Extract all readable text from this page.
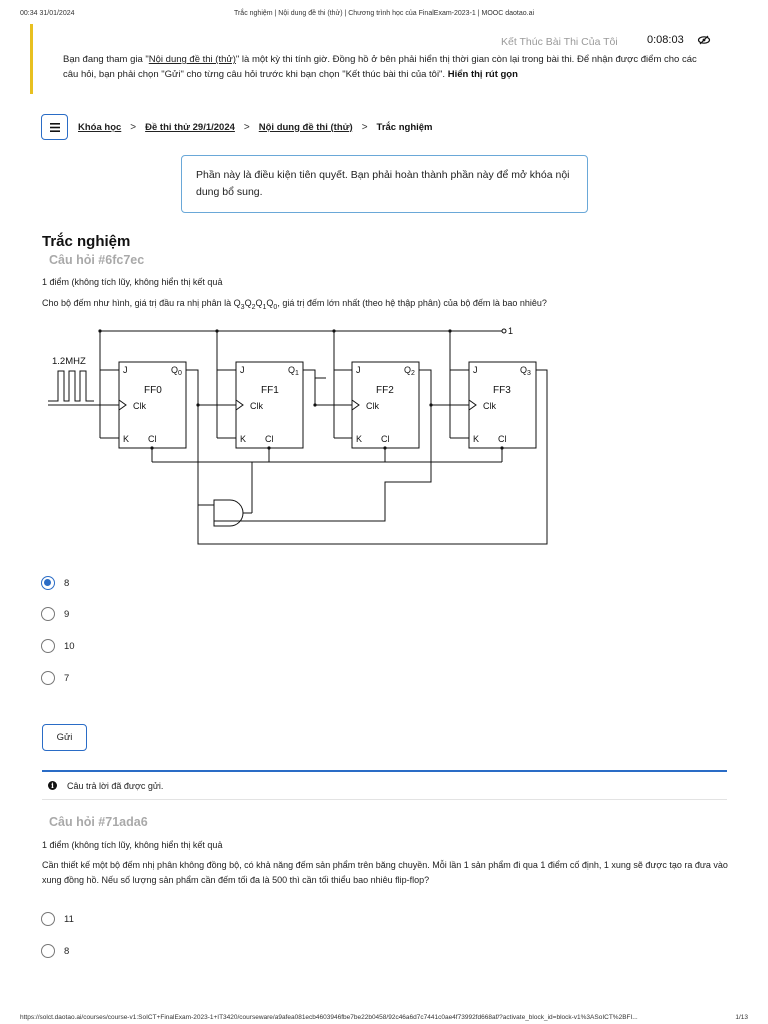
00:34 31/01/2024	Trắc nghiệm | Nội dung đề thi (thử) | Chương trình học của FinalExam-2023-1 | MOOC daotao.ai
Kết Thúc Bài Thi Của Tôi	0:08:03
Bạn đang tham gia "Nội dung đề thi (thử)" là một kỳ thi tính giờ. Đồng hồ ở bên phải hiển thị thời gian còn lại trong bài thi. Để nhận được điểm cho các câu hỏi, bạn phải chọn "Gửi" cho từng câu hỏi trước khi bạn chọn "Kết thúc bài thi của tôi". Hiển thị rút gọn
Khóa học > Đề thi thử 29/1/2024 > Nội dung đề thi (thử) > Trắc nghiệm
Phần này là điều kiện tiên quyết. Bạn phải hoàn thành phần này để mở khóa nội dung bổ sung.
Trắc nghiệm
Câu hỏi #6fc7ec
1 điểm (không tích lũy, không hiển thị kết quả
Cho bộ đếm như hình, giá trị đầu ra nhị phân là $Q_3Q_2Q_1Q_0$, giá trị đếm lớn nhất (theo hệ thập phân) của bộ đếm là bao nhiêu?
1
1.2MHZ
FF0	FF1	FF2	FF3
J	J	J	J
Clk	Clk	Clk	Clk
K	K	K	K
Cl	Cl	Cl	Cl
$Q_0$	$Q_1$	$Q_2$	$Q_3$
8
9
10
7
Gửi
i	Câu trả lời đã được gửi.
Câu hỏi #71ada6
1 điểm (không tích lũy, không hiển thị kết quả
Cần thiết kế một bộ đếm nhị phân không đồng bộ, có khả năng đếm sản phẩm trên băng chuyền. Mỗi lần 1 sản phẩm đi qua 1 điểm cố định, 1 xung sẽ được tạo ra đưa vào xung đồng hồ. Nếu số lượng sản phẩm cần đếm tối đa là 500 thì cần tối thiểu bao nhiêu flip-flop?
11
8
https://solct.daotao.ai/courses/course-v1:SoICT+FinalExam-2023-1+IT3420/courseware/a9afea081ecb4603946fbe7be22b0458/92c46a6d7c7441c0ae4f73992fd668af/?activate_block_id=block-v1%3ASoICT%2BFI...	1/13
